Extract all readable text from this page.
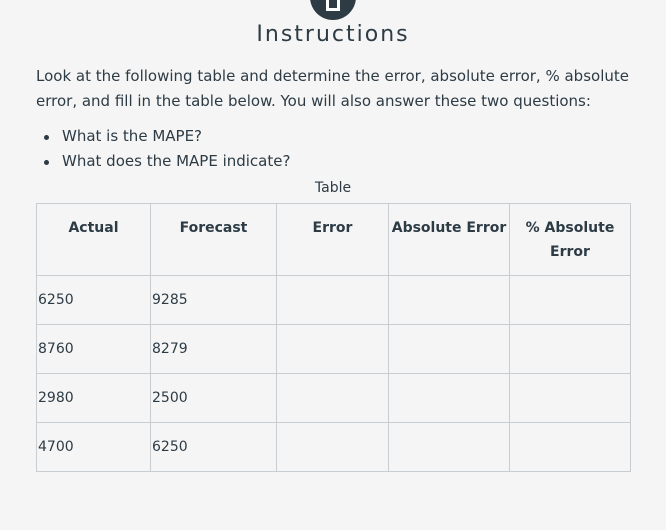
Instructions

Look at the following table and determine the error, absolute error, % absolute error, and fill in the table below. You will also answer these two questions:

What is the MAPE?
What does the MAPE indicate?
Table
Actual	Forecast	Error	Absolute Error	% Absolute Error
6250	9285			
8760	8279			
2980	2500			
4700	6250			
